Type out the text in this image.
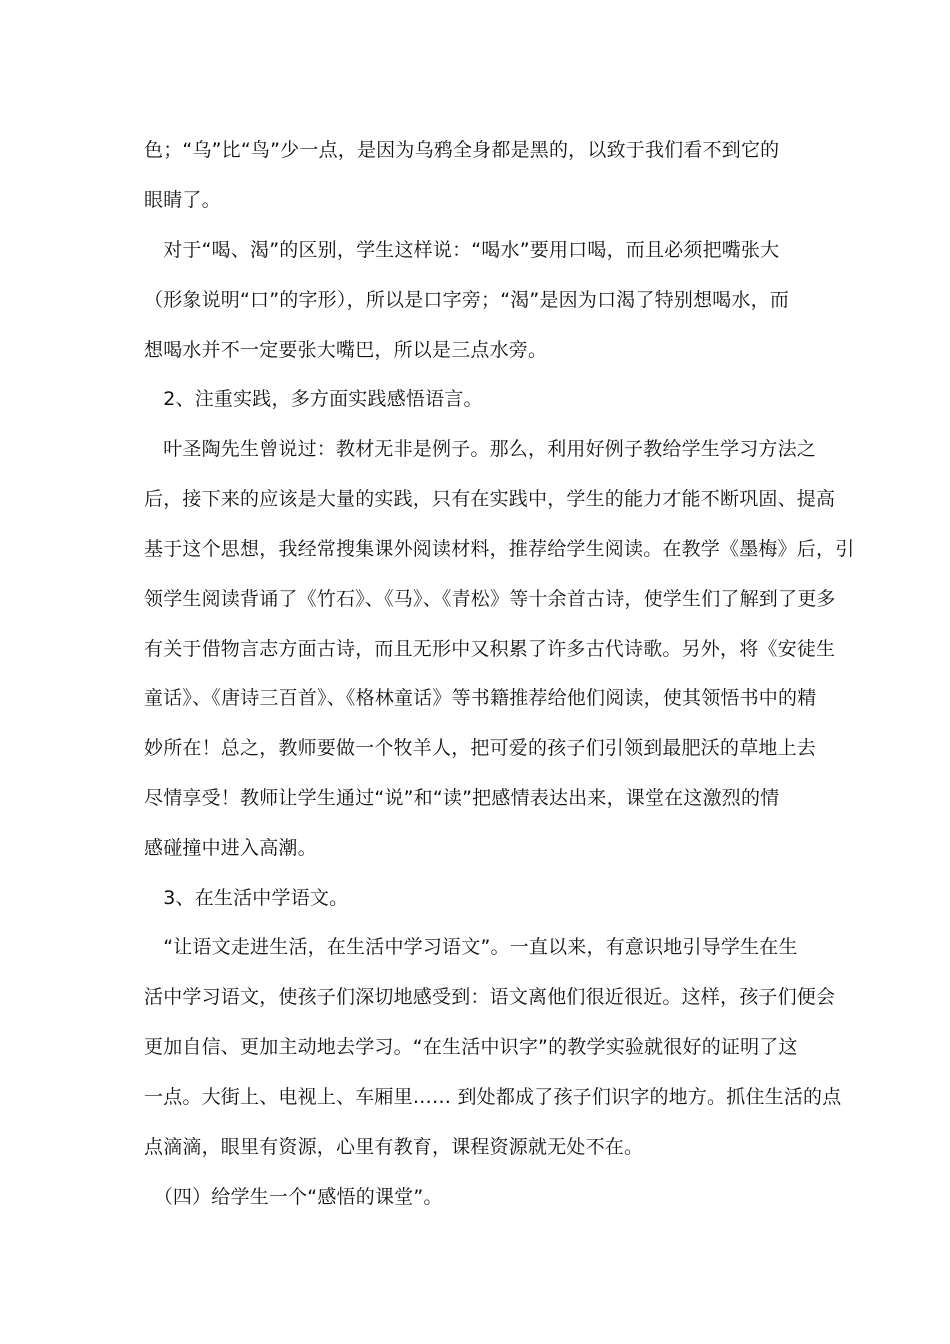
色；“乌”比“鸟”少一点，是因为乌鸦全身都是黑的，以致于我们看不到它的
眼睛了。
　对于“喝、渴”的区别，学生这样说：“喝水”要用口喝，而且必须把嘴张大
（形象说明“口”的字形），所以是口字旁；“渴”是因为口渴了特别想喝水，而
想喝水并不一定要张大嘴巴，所以是三点水旁。
　2、注重实践，多方面实践感悟语言。
　叶圣陶先生曾说过：教材无非是例子。那么，利用好例子教给学生学习方法之
后，接下来的应该是大量的实践，只有在实践中，学生的能力才能不断巩固、提高
基于这个思想，我经常搜集课外阅读材料，推荐给学生阅读。在教学《墨梅》后，引
领学生阅读背诵了《竹石》、《马》、《青松》等十余首古诗，使学生们了解到了更多
有关于借物言志方面古诗，而且无形中又积累了许多古代诗歌。另外，将《安徒生
童话》、《唐诗三百首》、《格林童话》等书籍推荐给他们阅读，使其领悟书中的精
妙所在！总之，教师要做一个牧羊人，把可爱的孩子们引领到最肥沃的草地上去
尽情享受！教师让学生通过“说”和“读”把感情表达出来，课堂在这激烈的情
感碰撞中进入高潮。
　3、在生活中学语文。
　“让语文走进生活，在生活中学习语文”。一直以来，有意识地引导学生在生
活中学习语文，使孩子们深切地感受到：语文离他们很近很近。这样，孩子们便会
更加自信、更加主动地去学习。“在生活中识字”的教学实验就很好的证明了这
一点。大街上、电视上、车厢里…… 到处都成了孩子们识字的地方。抓住生活的点
点滴滴，眼里有资源，心里有教育，课程资源就无处不在。
　（四）给学生一个“感悟的课堂”。
